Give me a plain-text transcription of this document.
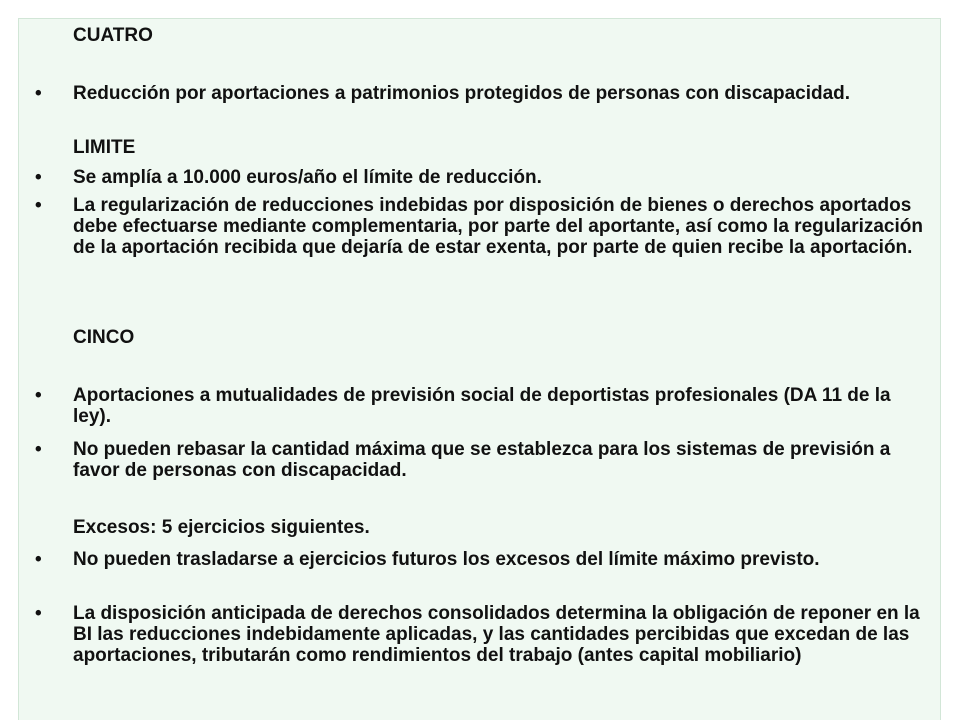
CUATRO
• Reducción por aportaciones a patrimonios protegidos de personas con discapacidad.
LIMITE
• Se amplía a 10.000 euros/año el límite de reducción.
• La regularización de reducciones indebidas por disposición de bienes o derechos aportados debe efectuarse mediante complementaria, por parte del aportante, así como la regularización de la aportación recibida que dejaría de estar exenta, por parte de quien recibe la aportación.
CINCO
• Aportaciones a mutualidades de previsión social de deportistas profesionales (DA 11 de la ley).
• No pueden rebasar la cantidad máxima que se establezca para los sistemas de previsión a favor de personas con discapacidad.
Excesos: 5 ejercicios siguientes.
• No pueden trasladarse a ejercicios futuros los excesos del límite máximo previsto.
• La disposición anticipada de derechos consolidados determina la obligación de reponer en la BI las reducciones indebidamente aplicadas, y las cantidades percibidas que excedan de las aportaciones, tributarán como rendimientos del trabajo (antes capital mobiliario)
